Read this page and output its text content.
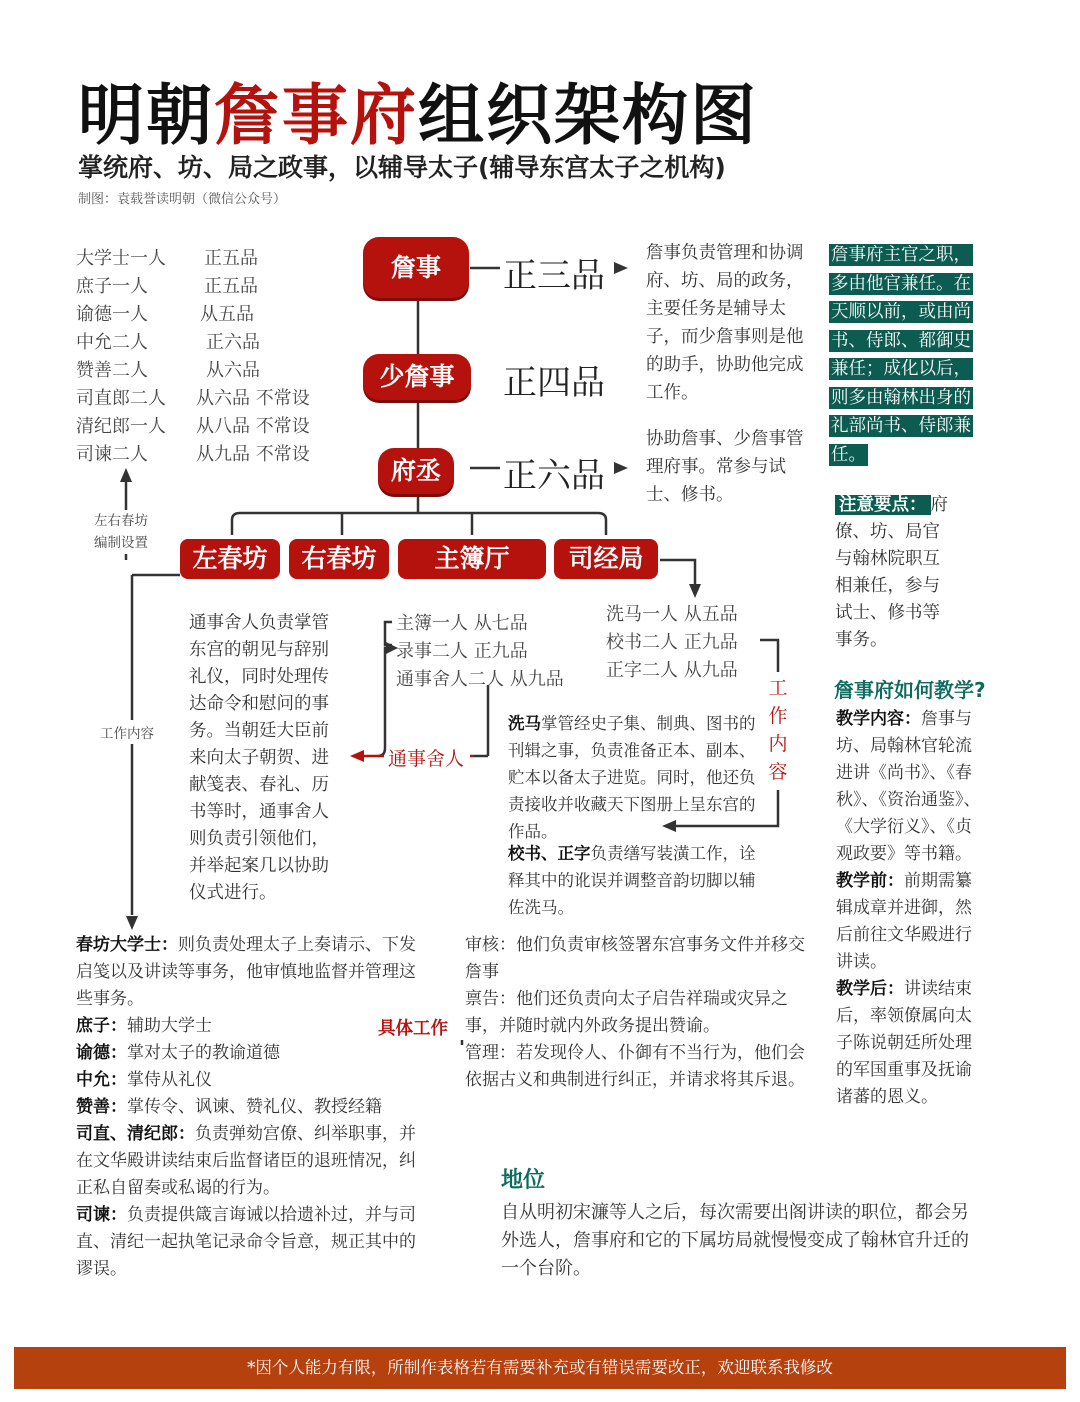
明朝詹事府组织架构图
掌统府、坊、局之政事，以辅导太子(辅导东宫太子之机构)
制图：袁载誉读明朝（微信公众号）
大学士一人 正五品
庶子一人	正五品
谕德一人	从五品
中允二人	正六品
赞善二人	从六品
司直郎二人 从六品 不常设
清纪郎一人 从八品 不常设
司谏二人	从九品 不常设
詹事	正三品
少詹事	正四品
府丞	正六品
詹事负责管理和协调府、坊、局的政务，主要任务是辅导太子，而少詹事则是他的助手，协助他完成工作。
协助詹事、少詹事管理府事。常参与试士、修书。
詹事府主官之职，多由他官兼任。在天顺以前，或由尚书、侍郎、都御史兼任；成化以后，则多由翰林出身的礼部尚书、侍郎兼任。
注意要点： 府僚、坊、局官与翰林院职互相兼任，参与试士、修书等事务。
左右春坊编制设置
工作内容
左春坊	右春坊	主簿厅	司经局
通事舍人负责掌管东宫的朝见与辞别礼仪，同时处理传达命令和慰问的事务。当朝廷大臣前来向太子朝贺、进献笺表、春礼、历书等时，通事舍人则负责引领他们，并举起案几以协助仪式进行。
通事舍人
主簿一人 从七品
录事二人 正九品
通事舍人二人 从九品
洗马一人 从五品
校书二人 正九品
正字二人 从九品
工作内容
洗马掌管经史子集、制典、图书的刊辑之事，负责准备正本、副本、贮本以备太子进览。同时，他还负责接收并收藏天下图册上呈东宫的作品。
校书、正字负责缮写装潢工作，诠释其中的讹误并调整音韵切脚以辅佐洗马。
春坊大学士：则负责处理太子上奏请示、下发启笺以及讲读等事务，他审慎地监督并管理这些事务。
庶子：辅助大学士
谕德：掌对太子的教谕道德
中允：掌侍从礼仪
赞善：掌传令、讽谏、赞礼仪、教授经籍
司直、清纪郎：负责弹劾宫僚、纠举职事，并在文华殿讲读结束后监督诸臣的退班情况，纠正私自留奏或私谒的行为。
司谏：负责提供箴言诲诫以拾遗补过，并与司直、清纪一起执笔记录命令旨意，规正其中的谬误。
具体工作
审核：他们负责审核签署东宫事务文件并移交詹事
禀告：他们还负责向太子启告祥瑞或灾异之事，并随时就内外政务提出赞谕。
管理：若发现伶人、仆御有不当行为，他们会依据古义和典制进行纠正，并请求将其斥退。
詹事府如何教学?
教学内容：詹事与坊、局翰林官轮流进讲《尚书》、《春秋》、《资治通鉴》、《大学衍义》、《贞观政要》等书籍。
教学前：前期需纂辑成章并进御，然后前往文华殿进行讲读。
教学后：讲读结束后，率领僚属向太子陈说朝廷所处理的军国重事及抚谕诸蕃的恩义。
地位
自从明初宋濂等人之后，每次需要出阁讲读的职位，都会另外选人，詹事府和它的下属坊局就慢慢变成了翰林官升迁的一个台阶。
*因个人能力有限，所制作表格若有需要补充或有错误需要改正，欢迎联系我修改
